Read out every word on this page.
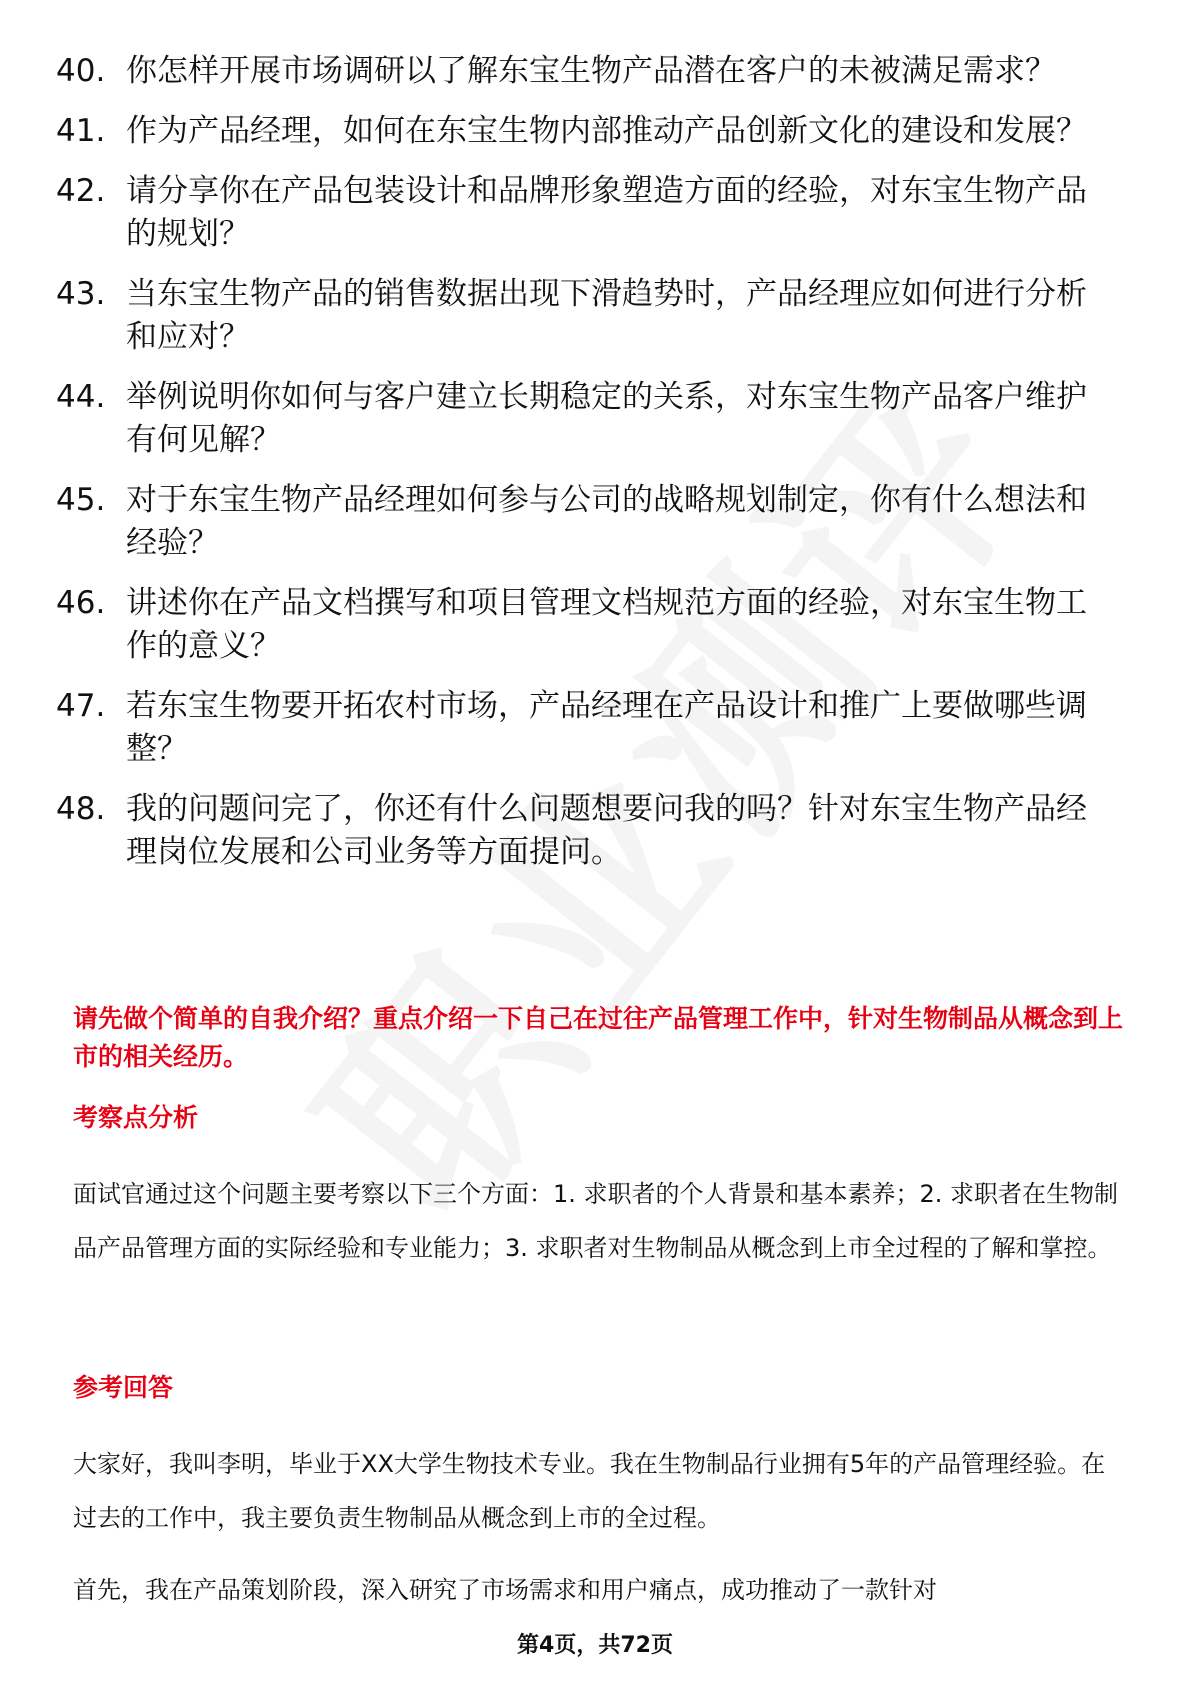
40. 你怎样开展市场调研以了解东宝生物产品潜在客户的未被满足需求？
41. 作为产品经理，如何在东宝生物内部推动产品创新文化的建设和发展？
42. 请分享你在产品包装设计和品牌形象塑造方面的经验，对东宝生物产品的规划？
43. 当东宝生物产品的销售数据出现下滑趋势时，产品经理应如何进行分析和应对？
44. 举例说明你如何与客户建立长期稳定的关系，对东宝生物产品客户维护有何见解？
45. 对于东宝生物产品经理如何参与公司的战略规划制定，你有什么想法和经验？
46. 讲述你在产品文档撰写和项目管理文档规范方面的经验，对东宝生物工作的意义？
47. 若东宝生物要开拓农村市场，产品经理在产品设计和推广上要做哪些调整？
48. 我的问题问完了，你还有什么问题想要问我的吗？针对东宝生物产品经理岗位发展和公司业务等方面提问。
请先做个简单的自我介绍？重点介绍一下自己在过往产品管理工作中，针对生物制品从概念到上市的相关经历。
考察点分析
面试官通过这个问题主要考察以下三个方面：1. 求职者的个人背景和基本素养；2. 求职者在生物制品产品管理方面的实际经验和专业能力；3. 求职者对生物制品从概念到上市全过程的了解和掌控。
参考回答
大家好，我叫李明，毕业于XX大学生物技术专业。我在生物制品行业拥有5年的产品管理经验。在过去的工作中，我主要负责生物制品从概念到上市的全过程。
首先，我在产品策划阶段，深入研究了市场需求和用户痛点，成功推动了一款针对
第4页，共72页
